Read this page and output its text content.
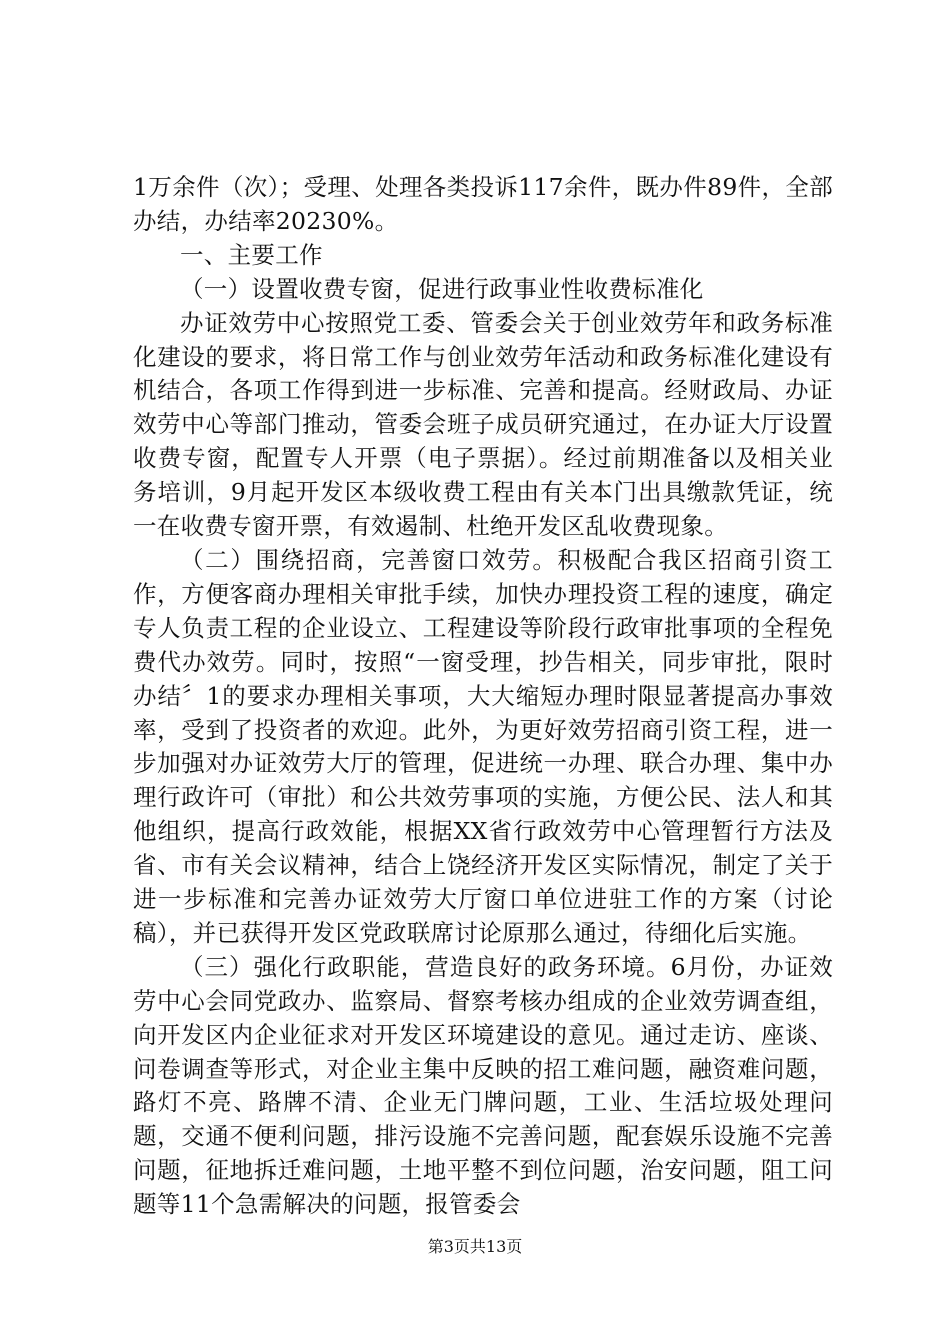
1万余件（次）；受理、处理各类投诉117余件，既办件89件，全部办结，办结率20230%。

一、主要工作

（一）设置收费专窗，促进行政事业性收费标准化

办证效劳中心按照党工委、管委会关于创业效劳年和政务标准化建设的要求，将日常工作与创业效劳年活动和政务标准化建设有机结合，各项工作得到进一步标准、完善和提高。经财政局、办证效劳中心等部门推动，管委会班子成员研究通过，在办证大厅设置收费专窗，配置专人开票（电子票据）。经过前期准备以及相关业务培训，9月起开发区本级收费工程由有关本门出具缴款凭证，统一在收费专窗开票，有效遏制、杜绝开发区乱收费现象。

（二）围绕招商，完善窗口效劳。积极配合我区招商引资工作，方便客商办理相关审批手续，加快办理投资工程的速度，确定专人负责工程的企业设立、工程建设等阶段行政审批事项的全程免费代办效劳。同时，按照“一窗受理，抄告相关，同步审批，限时办结〞1的要求办理相关事项，大大缩短办理时限显著提高办事效率，受到了投资者的欢迎。此外，为更好效劳招商引资工程，进一步加强对办证效劳大厅的管理，促进统一办理、联合办理、集中办理行政许可（审批）和公共效劳事项的实施，方便公民、法人和其他组织，提高行政效能，根据XX省行政效劳中心管理暂行方法及省、市有关会议精神，结合上饶经济开发区实际情况，制定了关于进一步标准和完善办证效劳大厅窗口单位进驻工作的方案（讨论稿），并已获得开发区党政联席讨论原那么通过，待细化后实施。

（三）强化行政职能，营造良好的政务环境。6月份，办证效劳中心会同党政办、监察局、督察考核办组成的企业效劳调查组，向开发区内企业征求对开发区环境建设的意见。通过走访、座谈、问卷调查等形式，对企业主集中反映的招工难问题，融资难问题，路灯不亮、路牌不清、企业无门牌问题，工业、生活垃圾处理问题，交通不便利问题，排污设施不完善问题，配套娱乐设施不完善问题，征地拆迁难问题，土地平整不到位问题，治安问题，阻工问题等11个急需解决的问题，报管委会

第3页共13页
